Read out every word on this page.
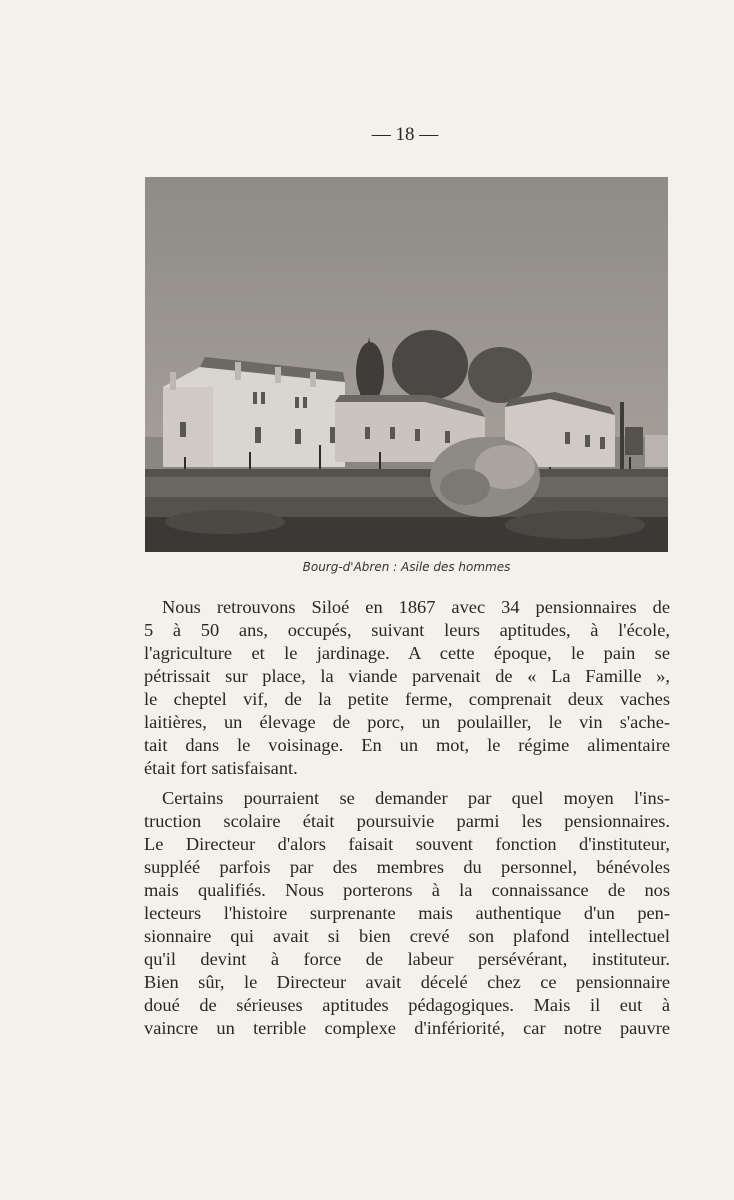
— 18 —
Bourg-d'Abren : Asile des hommes
Nous retrouvons Siloé en 1867 avec 34 pensionnaires de
5 à 50 ans, occupés, suivant leurs aptitudes, à l'école,
l'agriculture et le jardinage. A cette époque, le pain se
pétrissait sur place, la viande parvenait de « La Famille »,
le cheptel vif, de la petite ferme, comprenait deux vaches
laitières, un élevage de porc, un poulailler, le vin s'ache-
tait dans le voisinage. En un mot, le régime alimentaire
était fort satisfaisant.
Certains pourraient se demander par quel moyen l'ins-
truction scolaire était poursuivie parmi les pensionnaires.
Le Directeur d'alors faisait souvent fonction d'instituteur,
suppléé parfois par des membres du personnel, bénévoles
mais qualifiés. Nous porterons à la connaissance de nos
lecteurs l'histoire surprenante mais authentique d'un pen-
sionnaire qui avait si bien crevé son plafond intellectuel
qu'il devint à force de labeur persévérant, instituteur.
Bien sûr, le Directeur avait décelé chez ce pensionnaire
doué de sérieuses aptitudes pédagogiques. Mais il eut à
vaincre un terrible complexe d'infériorité, car notre pauvre
